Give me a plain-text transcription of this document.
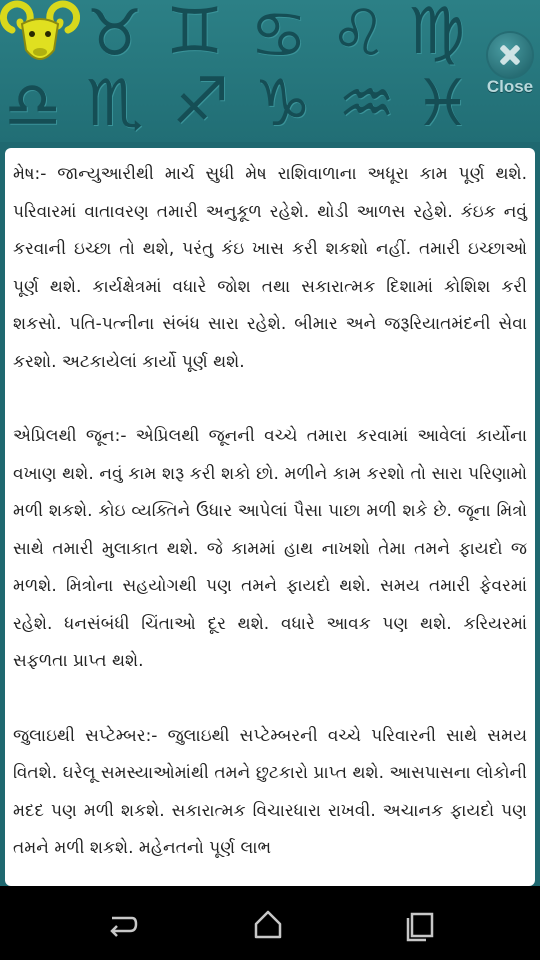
♉ ♊ ♋ ♌ ♍
♎ ♏ ♐ ♑ ♒ ♓ Close

મેષ:- જાન્યુઆરીથી માર્ચ સુધી મેષ રાશિવાળાના અધૂરા કામ પૂર્ણ થશે. પરિવારમાં વાતાવરણ તમારી અનુકૂળ રહેશે. થોડી આળસ રહેશે. કંઇક નવું કરવાની ઇચ્છા તો થશે, પરંતુ કંઇ ખાસ કરી શકશો નહીં. તમારી ઇચ્છાઓ પૂર્ણ થશે. કાર્યક્ષેત્રમાં વધારે જોશ તથા સકારાત્મક દિશામાં કોશિશ કરી શકસો. પતિ-પત્નીના સંબંધ સારા રહેશે. બીમાર અને જરૂરિયાતમંદની સેવા કરશો. અટકાયેલાં કાર્યો પૂર્ણ થશે.

એપ્રિલથી જૂન:- એપ્રિલથી જૂનની વચ્ચે તમારા કરવામાં આવેલાં કાર્યોના વખાણ થશે. નવું કામ શરૂ કરી શકો છો. મળીને કામ કરશો તો સારા પરિણામો મળી શકશે. કોઇ વ્યક્તિને ઉધાર આપેલાં પૈસા પાછા મળી શકે છે. જૂના મિત્રો સાથે તમારી મુલાકાત થશે. જે કામમાં હાથ નાખશો તેમા તમને ફાયદો જ મળશે. મિત્રોના સહયોગથી પણ તમને ફાયદો થશે. સમય તમારી ફેવરમાં રહેશે. ધનસંબંધી ચિંતાઓ દૂર થશે. વધારે આવક પણ થશે. કરિયરમાં સફળતા પ્રાપ્ત થશે.

જુલાઇથી સપ્ટેમ્બર:- જુલાઇથી સપ્ટેમ્બરની વચ્ચે પરિવારની સાથે સમય વિતશે. ઘરેલૂ સમસ્યાઓમાંથી તમને છુટકારો પ્રાપ્ત થશે. આસપાસના લોકોની મદદ પણ મળી શકશે. સકારાત્મક વિચારધારા રાખવી. અચાનક ફાયદો પણ તમને મળી શકશે. મહેનતનો પૂર્ણ લાભ
